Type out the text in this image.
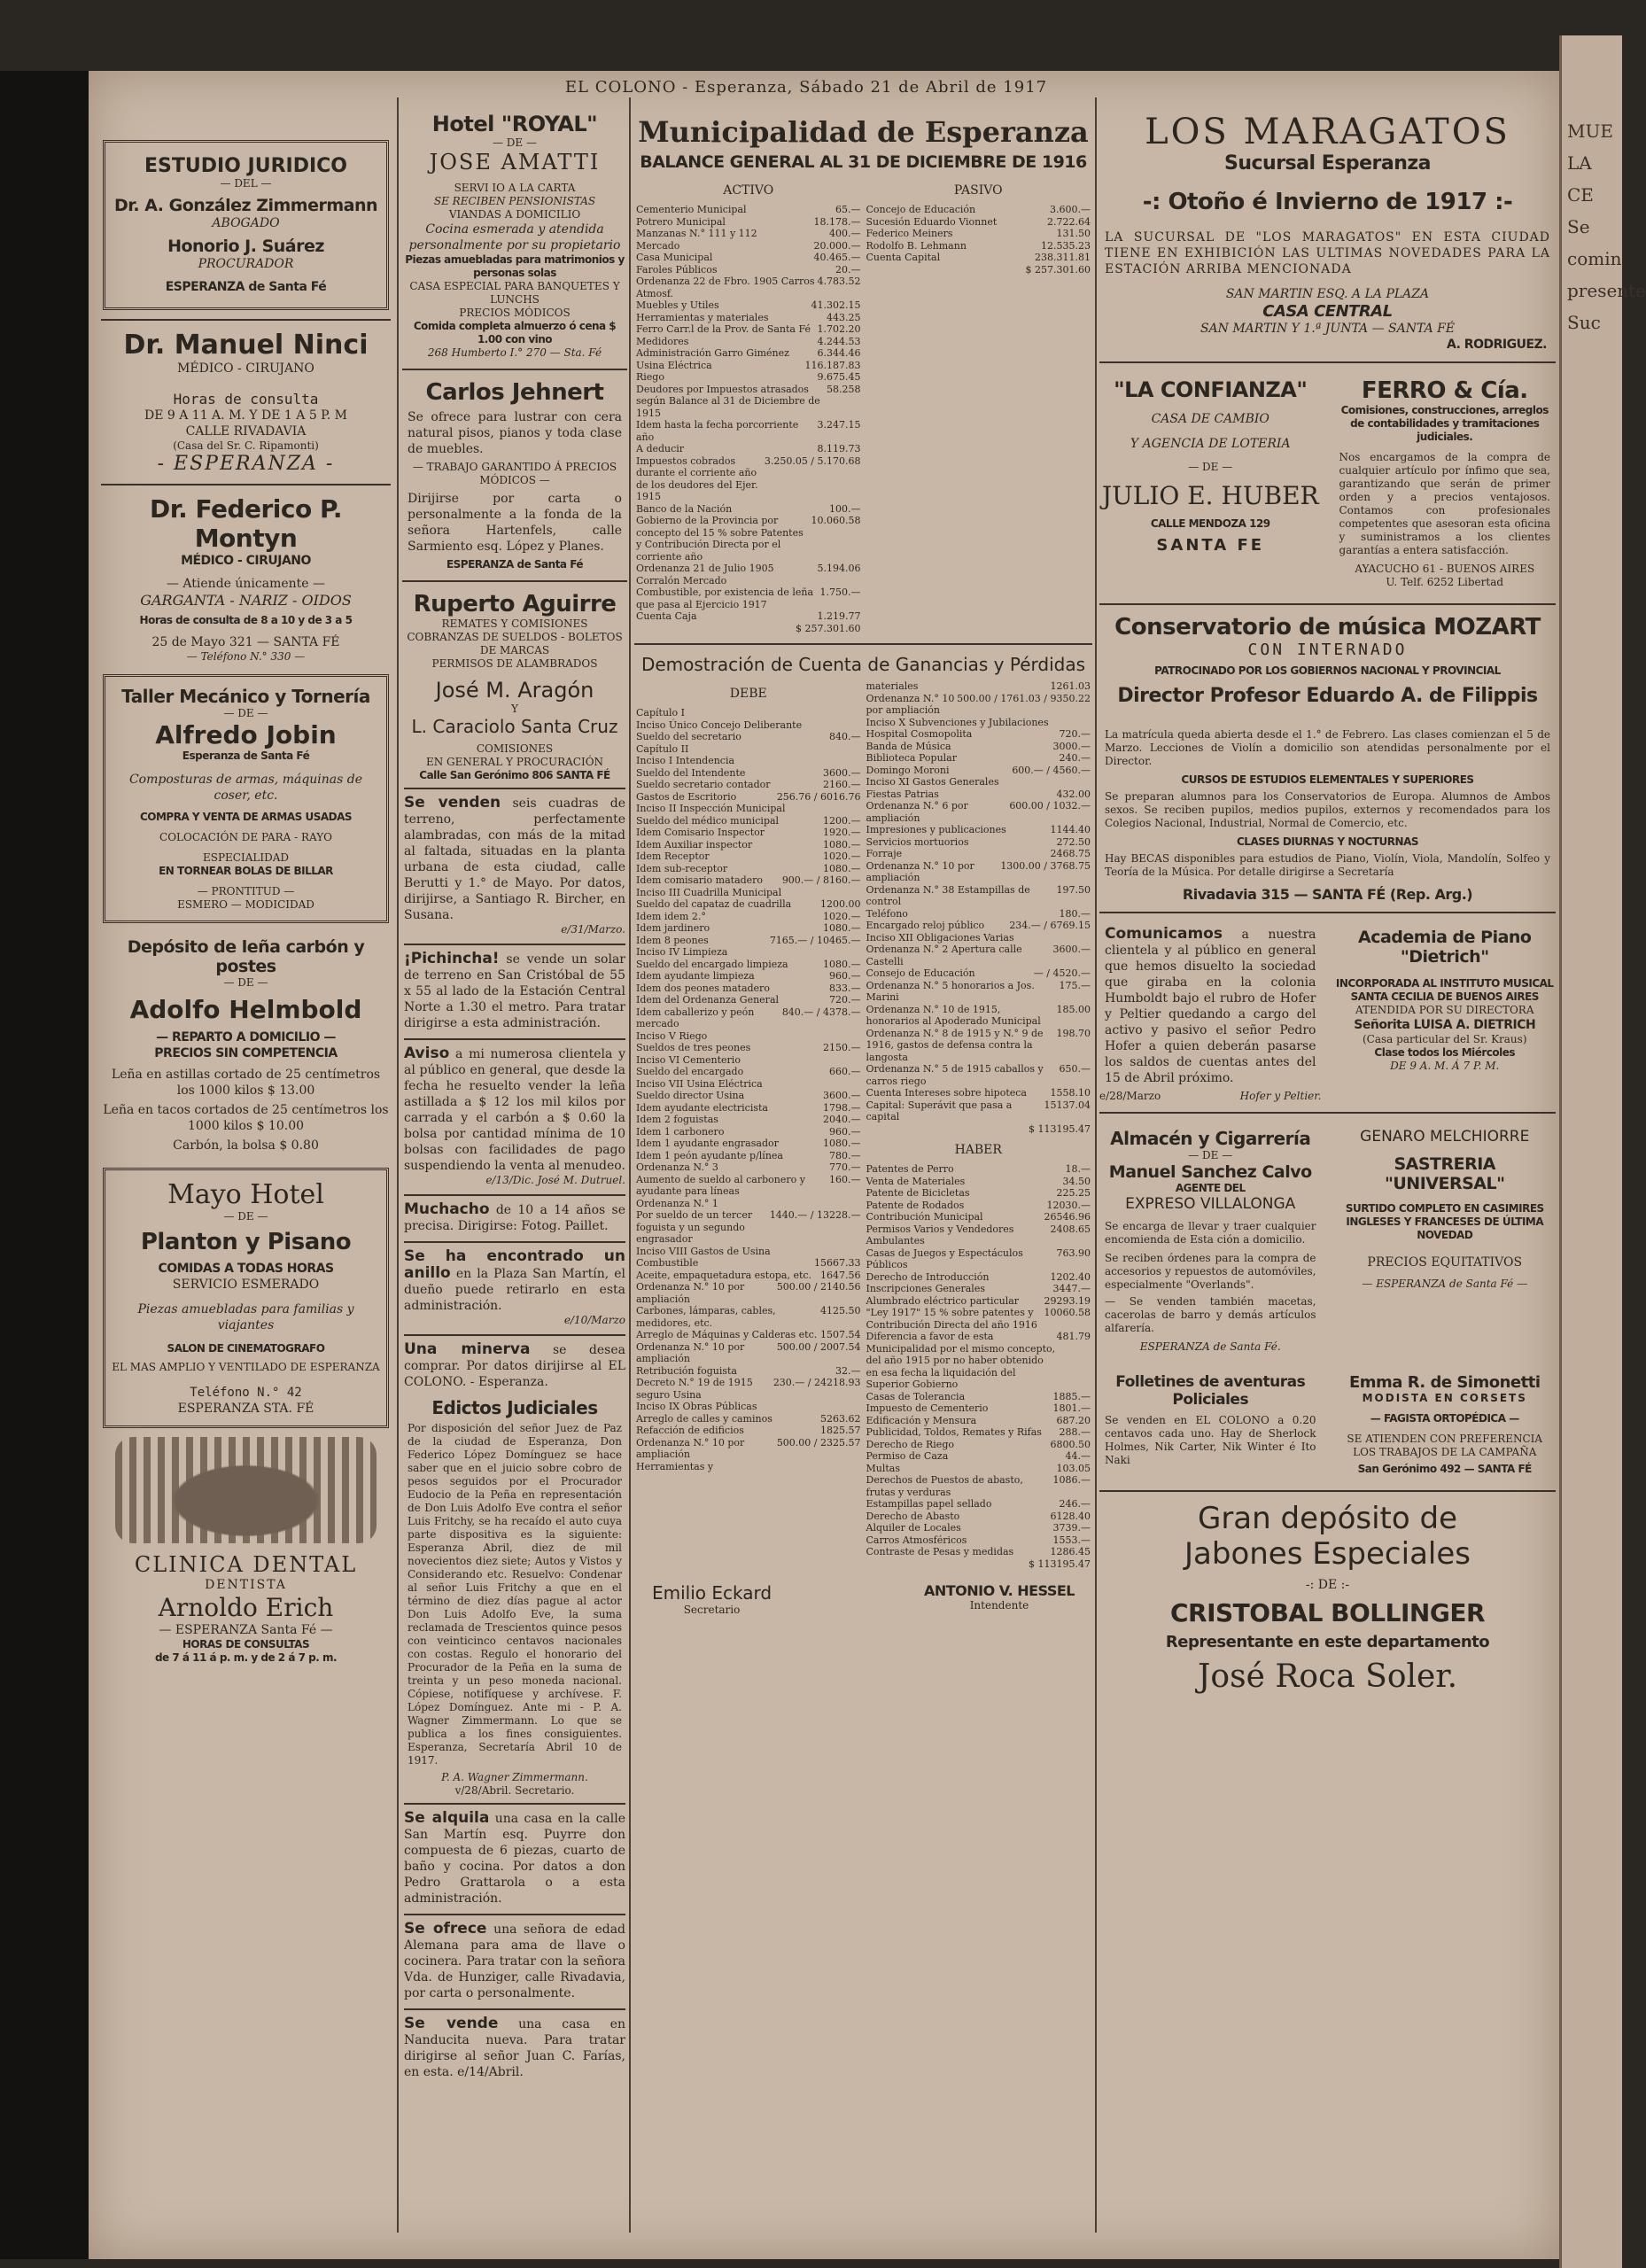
MUE
LA CE
Se
comin
presente
Suc
EL COLONO - Esperanza, Sábado 21 de Abril de 1917
ESTUDIO JURIDICO
— DEL —
Dr. A. González Zimmermann
ABOGADO
Honorio J. Suárez
PROCURADOR
ESPERANZA de Santa Fé
Dr. Manuel Ninci
MÉDICO - CIRUJANO
Horas de consulta
DE 9 A 11 A. M. Y DE 1 A 5 P. M
CALLE RIVADAVIA
(Casa del Sr. C. Ripamonti)
- ESPERANZA -
Dr. Federico P. Montyn
MÉDICO - CIRUJANO
— Atiende únicamente —
GARGANTA - NARIZ - OIDOS
Horas de consulta de 8 a 10 y de 3 a 5
25 de Mayo 321 — SANTA FÉ
— Teléfono N.° 330 —
Taller Mecánico y Tornería
— DE —
Alfredo Jobin
Esperanza de Santa Fé
Composturas de armas, máquinas de coser, etc.
COMPRA Y VENTA DE ARMAS USADAS
COLOCACIÓN DE PARA - RAYO
ESPECIALIDAD
EN TORNEAR BOLAS DE BILLAR
— PRONTITUD —
ESMERO — MODICIDAD
Depósito de leña carbón y postes
— DE —
Adolfo Helmbold
— REPARTO A DOMICILIO —
PRECIOS SIN COMPETENCIA
Leña en astillas cortado de 25 centímetros los 1000 kilos $ 13.00
Leña en tacos cortados de 25 centímetros los 1000 kilos $ 10.00
Carbón, la bolsa $ 0.80
Mayo Hotel
— DE —
Planton y Pisano
COMIDAS A TODAS HORAS
SERVICIO ESMERADO
Piezas amuebladas para familias y viajantes
SALON DE CINEMATOGRAFO
EL MAS AMPLIO Y VENTILADO DE ESPERANZA
Teléfono N.° 42
ESPERANZA STA. FÉ
CLINICA DENTAL
DENTISTA
Arnoldo Erich
— ESPERANZA Santa Fé —
HORAS DE CONSULTAS
de 7 á 11 á p. m. y de 2 á 7 p. m.
Hotel "ROYAL"
— DE —
JOSE AMATTI
SERVI IO A LA CARTA
SE RECIBEN PENSIONISTAS
VIANDAS A DOMICILIO
Cocina esmerada y atendida personalmente por su propietario
Piezas amuebladas para matrimonios y personas solas
CASA ESPECIAL PARA BANQUETES Y LUNCHS
PRECIOS MÓDICOS
Comida completa almuerzo ó cena $ 1.00 con vino
268 Humberto I.° 270 — Sta. Fé
Carlos Jehnert
Se ofrece para lustrar con cera natural pisos, pianos y toda clase de muebles.
— TRABAJO GARANTIDO Á PRECIOS MÓDICOS —
Dirijirse por carta o personalmente a la fonda de la señora Hartenfels, calle Sarmiento esq. López y Planes.
ESPERANZA de Santa Fé
Ruperto Aguirre
REMATES Y COMISIONES
COBRANZAS DE SUELDOS - BOLETOS DE MARCAS
PERMISOS DE ALAMBRADOS
José M. Aragón
Y
L. Caraciolo Santa Cruz
COMISIONES
EN GENERAL Y PROCURACIÓN
Calle San Gerónimo 806 SANTA FÉ
Se venden seis cuadras de terreno, perfectamente alambradas, con más de la mitad al faltada, situadas en la planta urbana de esta ciudad, calle Berutti y 1.° de Mayo. Por datos, dirijirse, a Santiago R. Bircher, en Susana.
e/31/Marzo.
¡Pichincha! se vende un solar de terreno en San Cristóbal de 55 x 55 al lado de la Estación Central Norte a 1.30 el metro. Para tratar dirigirse a esta administración.
Aviso a mi numerosa clientela y al público en general, que desde la fecha he resuelto vender la leña astillada a $ 12 los mil kilos por carrada y el carbón a $ 0.60 la bolsa por cantidad mínima de 10 bolsas con facilidades de pago suspendiendo la venta al menudeo.
e/13/Dic. José M. Dutruel.
Muchacho de 10 a 14 años se precisa. Dirigirse: Fotog. Paillet.
Se ha encontrado un anillo en la Plaza San Martín, el dueño puede retirarlo en esta administración.
e/10/Marzo
Una minerva se desea comprar. Por datos dirijirse al EL COLONO. - Esperanza.
Edictos Judiciales
Por disposición del señor Juez de Paz de la ciudad de Esperanza, Don Federico López Domínguez se hace saber que en el juicio sobre cobro de pesos seguidos por el Procurador Eudocio de la Peña en representación de Don Luis Adolfo Eve contra el señor Luis Fritchy, se ha recaído el auto cuya parte dispositiva es la siguiente: Esperanza Abril, diez de mil novecientos diez siete; Autos y Vistos y Considerando etc. Resuelvo: Condenar al señor Luis Fritchy a que en el término de diez días pague al actor Don Luis Adolfo Eve, la suma reclamada de Trescientos quince pesos con veinticinco centavos nacionales con costas. Regulo el honorario del Procurador de la Peña en la suma de treinta y un peso moneda nacional. Cópiese, notifíquese y archívese. F. López Domínguez. Ante mi - P. A. Wagner Zimmermann. Lo que se publica a los fines consiguientes. Esperanza, Secretaría Abril 10 de 1917.
P. A. Wagner Zimmermann.
v/28/Abril. Secretario.
Se alquila una casa en la calle San Martín esq. Puyrre don compuesta de 6 piezas, cuarto de baño y cocina. Por datos a don Pedro Grattarola o a esta administración.
Se ofrece una señora de edad Alemana para ama de llave o cocinera. Para tratar con la señora Vda. de Hunziger, calle Rivadavia, por carta o personalmente.
Se vende una casa en Nanducita nueva. Para tratar dirigirse al señor Juan C. Farías, en esta. e/14/Abril.
Municipalidad de Esperanza
BALANCE GENERAL AL 31 DE DICIEMBRE DE 1916
ACTIVO
Cementerio Municipal	65.—
Potrero Municipal	18.178.—
Manzanas N.° 111 y 112	400.—
Mercado	20.000.—
Casa Municipal	40.465.—
Faroles Públicos	20.—
Ordenanza 22 de Fbro. 1905 Carros Atmosf.
4.783.52
Muebles y Utiles	41.302.15
Herramientas y materiales	443.25
Ferro Carr.l de la Prov. de Santa Fé 1.702.20
Medidores	4.244.53
Administración Garro Giménez	6.344.46
Usina Eléctrica	116.187.83
Riego	9.675.45
Deudores por Impuestos atrasados según Balance al 31 de Diciembre de 1915
58.258
Idem hasta la fecha porcorriente año
3.247.15
A deducir	8.119.73
Impuestos cobrados durante el corriente año de los deudores del Ejer. 1915
3.250.05 / 5.170.68
Banco de la Nación	100.—
Gobierno de la Provincia por concepto del 15 % sobre Patentes y Contribución Directa por el corriente año
10.060.58
Ordenanza 21 de Julio 1905 Corralón Mercado
5.194.06
Combustible, por existencia de leña que pasa al Ejercicio 1917
1.750.—
Cuenta Caja	1.219.77
$ 257.301.60
PASIVO
Concejo de Educación	3.600.—
Sucesión Eduardo Vionnet	2.722.64
Federico Meiners	131.50
Rodolfo B. Lehmann	12.535.23
Cuenta Capital	238.311.81
$ 257.301.60
Demostración de Cuenta de Ganancias y Pérdidas
DEBE
Capítulo I
Inciso Único Concejo Deliberante
Sueldo del secretario	840.—
Capítulo II
Inciso I Intendencia
Sueldo del Intendente	3600.—
Sueldo secretario contador	2160.—
Gastos de Escritorio	256.76 / 6016.76
Inciso II Inspección Municipal
Sueldo del médico municipal	1200.—
Idem Comisario Inspector	1920.—
Idem Auxiliar inspector	1080.—
Idem Receptor	1020.—
Idem sub-receptor	1080.—
Idem comisario matadero 900.— / 8160.—
Inciso III Cuadrilla Municipal
Sueldo del capataz de cuadrilla	1200.00
Idem idem 2.°	1020.—
Idem jardinero	1080.—
Idem 8 peones	7165.— / 10465.—
Inciso IV Limpieza
Sueldo del encargado limpieza	1080.—
Idem ayudante limpieza	960.—
Idem dos peones matadero	833.—
Idem del Ordenanza General	720.—
Idem caballerizo y peón mercado
840.— / 4378.—
Inciso V Riego
Sueldos de tres peones	2150.—
Inciso VI Cementerio
Sueldo del encargado	660.—
Inciso VII Usina Eléctrica
Sueldo director Usina	3600.—
Idem ayudante electricista	1798.—
Idem 2 foguistas	2040.—
Idem 1 carbonero	960.—
Idem 1 ayudante engrasador	1080.—
Idem 1 peón ayudante p/línea	780.—
Ordenanza N.° 3	770.—
Aumento de sueldo al carbonero y ayudante para líneas
160.—
Ordenanza N.° 1
Por sueldo de un tercer foguista y un segundo engrasador
1440.— / 13228.—
Inciso VIII Gastos de Usina
Combustible	15667.33
Aceite, empaquetadura estopa, etc. 1647.56
Ordenanza N.° 10 por ampliación
500.00 / 2140.56
Carbones, lámparas, cables, medidores, etc.
4125.50
Arreglo de Máquinas y Calderas etc. 1507.54
Ordenanza N.° 10 por ampliación
500.00 / 2007.54
Retribución foguista	32.—
Decreto N.° 19 de 1915 seguro Usina
230.— / 24218.93
Inciso IX Obras Públicas
Arreglo de calles y caminos	5263.62
Refacción de edificios	1825.57
Ordenanza N.° 10 por ampliación
500.00 / 2325.57
Herramientas y
materiales	1261.03
Ordenanza N.° 10 por ampliación
500.00 / 1761.03 / 9350.22
Inciso X Subvenciones y Jubilaciones
Hospital Cosmopolita	720.—
Banda de Música	3000.—
Biblioteca Popular	240.—
Domingo Moroni	600.— / 4560.—
Inciso XI Gastos Generales
Fiestas Patrias	432.00
Ordenanza N.° 6 por ampliación
600.00 / 1032.—
Impresiones y publicaciones	1144.40
Servicios mortuorios	272.50
Forraje	2468.75
Ordenanza N.° 10 por ampliación
1300.00 / 3768.75
Ordenanza N.° 38 Estampillas de control
197.50
Teléfono	180.—
Encargado reloj público	234.— / 6769.15
Inciso XII Obligaciones Varias
Ordenanza N.° 2 Apertura calle Castelli
3600.—
Consejo de Educación	— / 4520.—
Ordenanza N.° 5 honorarios a Jos. Marini
175.—
Ordenanza N.° 10 de 1915, honorarios al Apoderado Municipal
185.00
Ordenanza N.° 8 de 1915 y N.° 9 de 1916, gastos de defensa contra la langosta
198.70
Ordenanza N.° 5 de 1915 caballos y carros riego
650.—
Cuenta Intereses sobre hipoteca 1558.10
Capital: Superávit que pasa a capital
15137.04
$ 113195.47
HABER
Patentes de Perro	18.—
Venta de Materiales	34.50
Patente de Bicicletas	225.25
Patente de Rodados	12030.—
Contribución Municipal	26546.96
Permisos Varios y Vendedores Ambulantes
2408.65
Casas de Juegos y Espectáculos Públicos
763.90
Derecho de Introducción	1202.40
Inscripciones Generales	3447.—
Alumbrado eléctrico particular	29293.19
"Ley 1917" 15 % sobre patentes y Contribución Directa del año 1916
10060.58
Diferencia a favor de esta Municipalidad por el mismo concepto, del año 1915 por no haber obtenido en esa fecha la liquidación del Superior Gobierno
481.79
Casas de Tolerancia	1885.—
Impuesto de Cementerio	1801.—
Edificación y Mensura	687.20
Publicidad, Toldos, Remates y Rifas 288.—
Derecho de Riego	6800.50
Permiso de Caza	44.—
Multas	103.05
Derechos de Puestos de abasto, frutas y verduras
1086.—
Estampillas papel sellado	246.—
Derecho de Abasto	6128.40
Alquiler de Locales	3739.—
Carros Atmosféricos	1553.—
Contraste de Pesas y medidas	1286.45
$ 113195.47
Emilio Eckard
Secretario
ANTONIO V. HESSEL
Intendente
LOS MARAGATOS
Sucursal Esperanza
-: Otoño é Invierno de 1917 :-
LA SUCURSAL DE "LOS MARAGATOS" EN ESTA CIUDAD TIENE EN EXHIBICIÓN LAS ULTIMAS NOVEDADES PARA LA ESTACIÓN ARRIBA MENCIONADA
SAN MARTIN ESQ. A LA PLAZA
CASA CENTRAL
SAN MARTIN Y 1.ª JUNTA — SANTA FÉ
A. RODRIGUEZ.
"LA CONFIANZA"
CASA DE CAMBIO
Y AGENCIA DE LOTERIA
— DE —
JULIO E. HUBER
CALLE MENDOZA 129
SANTA FE
FERRO & Cía.
Comisiones, construcciones, arreglos de contabilidades y tramitaciones judiciales.
Nos encargamos de la compra de cualquier artículo por ínfimo que sea, garantizando que serán de primer orden y a precios ventajosos. Contamos con profesionales competentes que asesoran esta oficina y suministramos a los clientes garantías a entera satisfacción.
AYACUCHO 61 - BUENOS AIRES
U. Telf. 6252 Libertad
Conservatorio de música MOZART
CON INTERNADO
PATROCINADO POR LOS GOBIERNOS NACIONAL Y PROVINCIAL
Director Profesor Eduardo A. de Filippis
La matrícula queda abierta desde el 1.° de Febrero. Las clases comienzan el 5 de Marzo. Lecciones de Violín a domicilio son atendidas personalmente por el Director.
CURSOS DE ESTUDIOS ELEMENTALES Y SUPERIORES
Se preparan alumnos para los Conservatorios de Europa. Alumnos de Ambos sexos. Se reciben pupilos, medios pupilos, externos y recomendados para los Colegios Nacional, Industrial, Normal de Comercio, etc.
CLASES DIURNAS Y NOCTURNAS
Hay BECAS disponibles para estudios de Piano, Violín, Viola, Mandolín, Solfeo y Teoría de la Música. Por detalle dirigirse a Secretaría
Rivadavia 315 — SANTA FÉ (Rep. Arg.)
Comunicamos a nuestra clientela y al público en general que hemos disuelto la sociedad que giraba en la colonia Humboldt bajo el rubro de Hofer y Peltier quedando a cargo del activo y pasivo el señor Pedro Hofer a quien deberán pasarse los saldos de cuentas antes del 15 de Abril próximo.
e/28/Marzo	Hofer y Peltier.
Academia de Piano "Dietrich"
INCORPORADA AL INSTITUTO MUSICAL
SANTA CECILIA DE BUENOS AIRES
ATENDIDA POR SU DIRECTORA
Señorita LUISA A. DIETRICH
(Casa particular del Sr. Kraus)
Clase todos los Miércoles
DE 9 A. M. Á 7 P. M.
Almacén y Cigarrería
— DE —
Manuel Sanchez Calvo
AGENTE DEL
EXPRESO VILLALONGA
Se encarga de llevar y traer cualquier encomienda de Esta ción a domicilio.
Se reciben órdenes para la compra de accesorios y repuestos de automóviles, especialmente "Overlands".
— Se venden también macetas, cacerolas de barro y demás artículos alfarería.
ESPERANZA de Santa Fé.
GENARO MELCHIORRE
SASTRERIA "UNIVERSAL"
SURTIDO COMPLETO EN CASIMIRES INGLESES Y FRANCESES DE ÚLTIMA NOVEDAD
PRECIOS EQUITATIVOS
— ESPERANZA de Santa Fé —
Folletines de aventuras Policiales
Se venden en EL COLONO a 0.20 centavos cada uno. Hay de Sherlock Holmes, Nik Carter, Nik Winter é Ito Naki
Emma R. de Simonetti
MODISTA EN CORSETS
— FAGISTA ORTOPÉDICA —
SE ATIENDEN CON PREFERENCIA LOS TRABAJOS DE LA CAMPAÑA
San Gerónimo 492 — SANTA FÉ
Gran depósito de
Jabones Especiales
-: DE :-
CRISTOBAL BOLLINGER
Representante en este departamento
José Roca Soler.
